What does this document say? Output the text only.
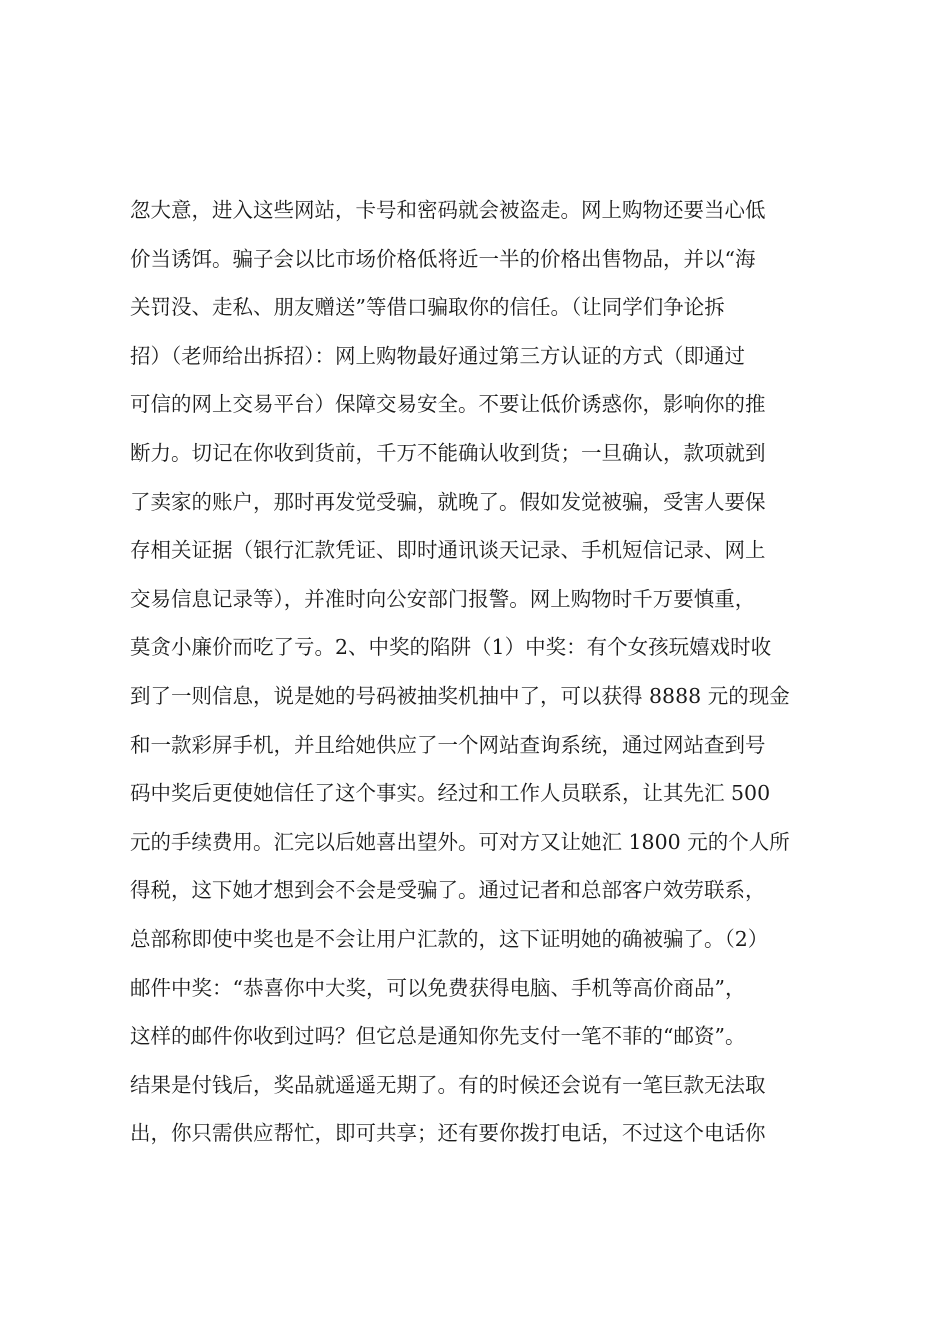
忽大意，进入这些网站，卡号和密码就会被盗走。网上购物还要当心低
价当诱饵。骗子会以比市场价格低将近一半的价格出售物品，并以“海
关罚没、走私、朋友赠送”等借口骗取你的信任。（让同学们争论拆
招）（老师给出拆招）：网上购物最好通过第三方认证的方式（即通过
可信的网上交易平台）保障交易安全。不要让低价诱惑你，影响你的推
断力。切记在你收到货前，千万不能确认收到货；一旦确认，款项就到
了卖家的账户，那时再发觉受骗，就晚了。假如发觉被骗，受害人要保
存相关证据（银行汇款凭证、即时通讯谈天记录、手机短信记录、网上
交易信息记录等），并准时向公安部门报警。网上购物时千万要慎重，
莫贪小廉价而吃了亏。2、中奖的陷阱（1）中奖：有个女孩玩嬉戏时收
到了一则信息，说是她的号码被抽奖机抽中了，可以获得 8888 元的现金
和一款彩屏手机，并且给她供应了一个网站查询系统，通过网站查到号
码中奖后更使她信任了这个事实。经过和工作人员联系，让其先汇 500
元的手续费用。汇完以后她喜出望外。可对方又让她汇 1800 元的个人所
得税，这下她才想到会不会是受骗了。通过记者和总部客户效劳联系，
总部称即使中奖也是不会让用户汇款的，这下证明她的确被骗了。（2）
邮件中奖：“恭喜你中大奖，可以免费获得电脑、手机等高价商品”，
这样的邮件你收到过吗？但它总是通知你先支付一笔不菲的“邮资”。
结果是付钱后，奖品就遥遥无期了。有的时候还会说有一笔巨款无法取
出，你只需供应帮忙，即可共享；还有要你拨打电话，不过这个电话你
